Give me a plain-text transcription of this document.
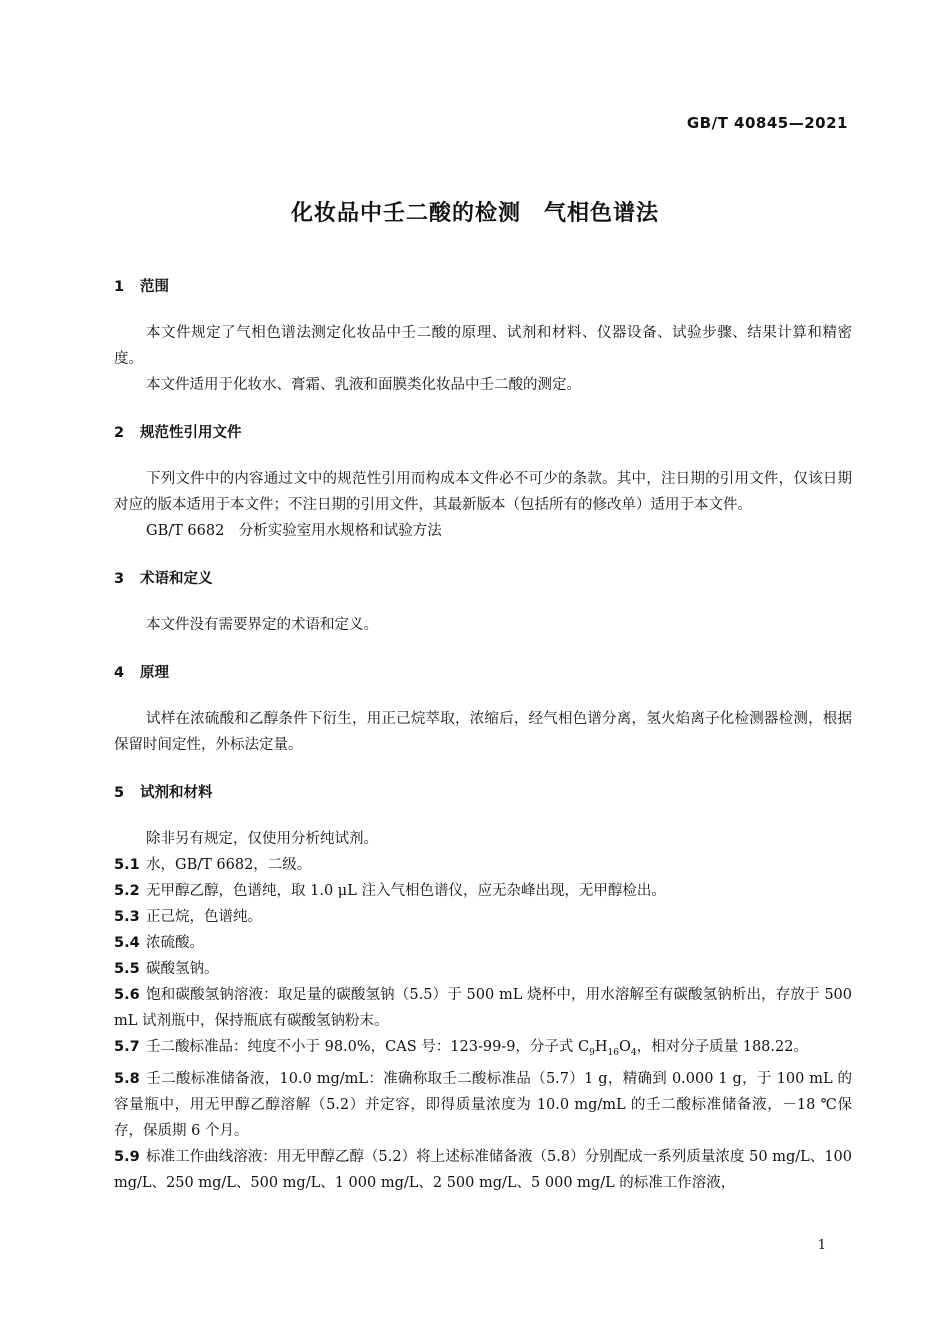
GB/T 40845—2021
化妆品中壬二酸的检测　气相色谱法
1 范围

本文件规定了气相色谱法测定化妆品中壬二酸的原理、试剂和材料、仪器设备、试验步骤、结果计算和精密度。

本文件适用于化妆水、膏霜、乳液和面膜类化妆品中壬二酸的测定。

2 规范性引用文件

下列文件中的内容通过文中的规范性引用而构成本文件必不可少的条款。其中，注日期的引用文件，仅该日期对应的版本适用于本文件；不注日期的引用文件，其最新版本（包括所有的修改单）适用于本文件。

GB/T 6682　分析实验室用水规格和试验方法

3 术语和定义

本文件没有需要界定的术语和定义。

4 原理

试样在浓硫酸和乙醇条件下衍生，用正己烷萃取，浓缩后，经气相色谱分离，氢火焰离子化检测器检测，根据保留时间定性，外标法定量。

5 试剂和材料

除非另有规定，仅使用分析纯试剂。

5.1 水，GB/T 6682，二级。

5.2 无甲醇乙醇，色谱纯，取 1.0 μL 注入气相色谱仪，应无杂峰出现，无甲醇检出。

5.3 正己烷，色谱纯。

5.4 浓硫酸。

5.5 碳酸氢钠。

5.6 饱和碳酸氢钠溶液：取足量的碳酸氢钠（5.5）于 500 mL 烧杯中，用水溶解至有碳酸氢钠析出，存放于 500 mL 试剂瓶中，保持瓶底有碳酸氢钠粉末。

5.7 壬二酸标准品：纯度不小于 98.0%，CAS 号：123-99-9，分子式 $C_9H_{16}O_4$，相对分子质量 188.22。

5.8 壬二酸标准储备液，10.0 mg/mL：准确称取壬二酸标准品（5.7）1 g，精确到 0.000 1 g，于 100 mL 的容量瓶中，用无甲醇乙醇溶解（5.2）并定容，即得质量浓度为 10.0 mg/mL 的壬二酸标准储备液，－18 ℃保存，保质期 6 个月。

5.9 标准工作曲线溶液：用无甲醇乙醇（5.2）将上述标准储备液（5.8）分别配成一系列质量浓度 50 mg/L、100 mg/L、250 mg/L、500 mg/L、1 000 mg/L、2 500 mg/L、5 000 mg/L 的标准工作溶液，

1
